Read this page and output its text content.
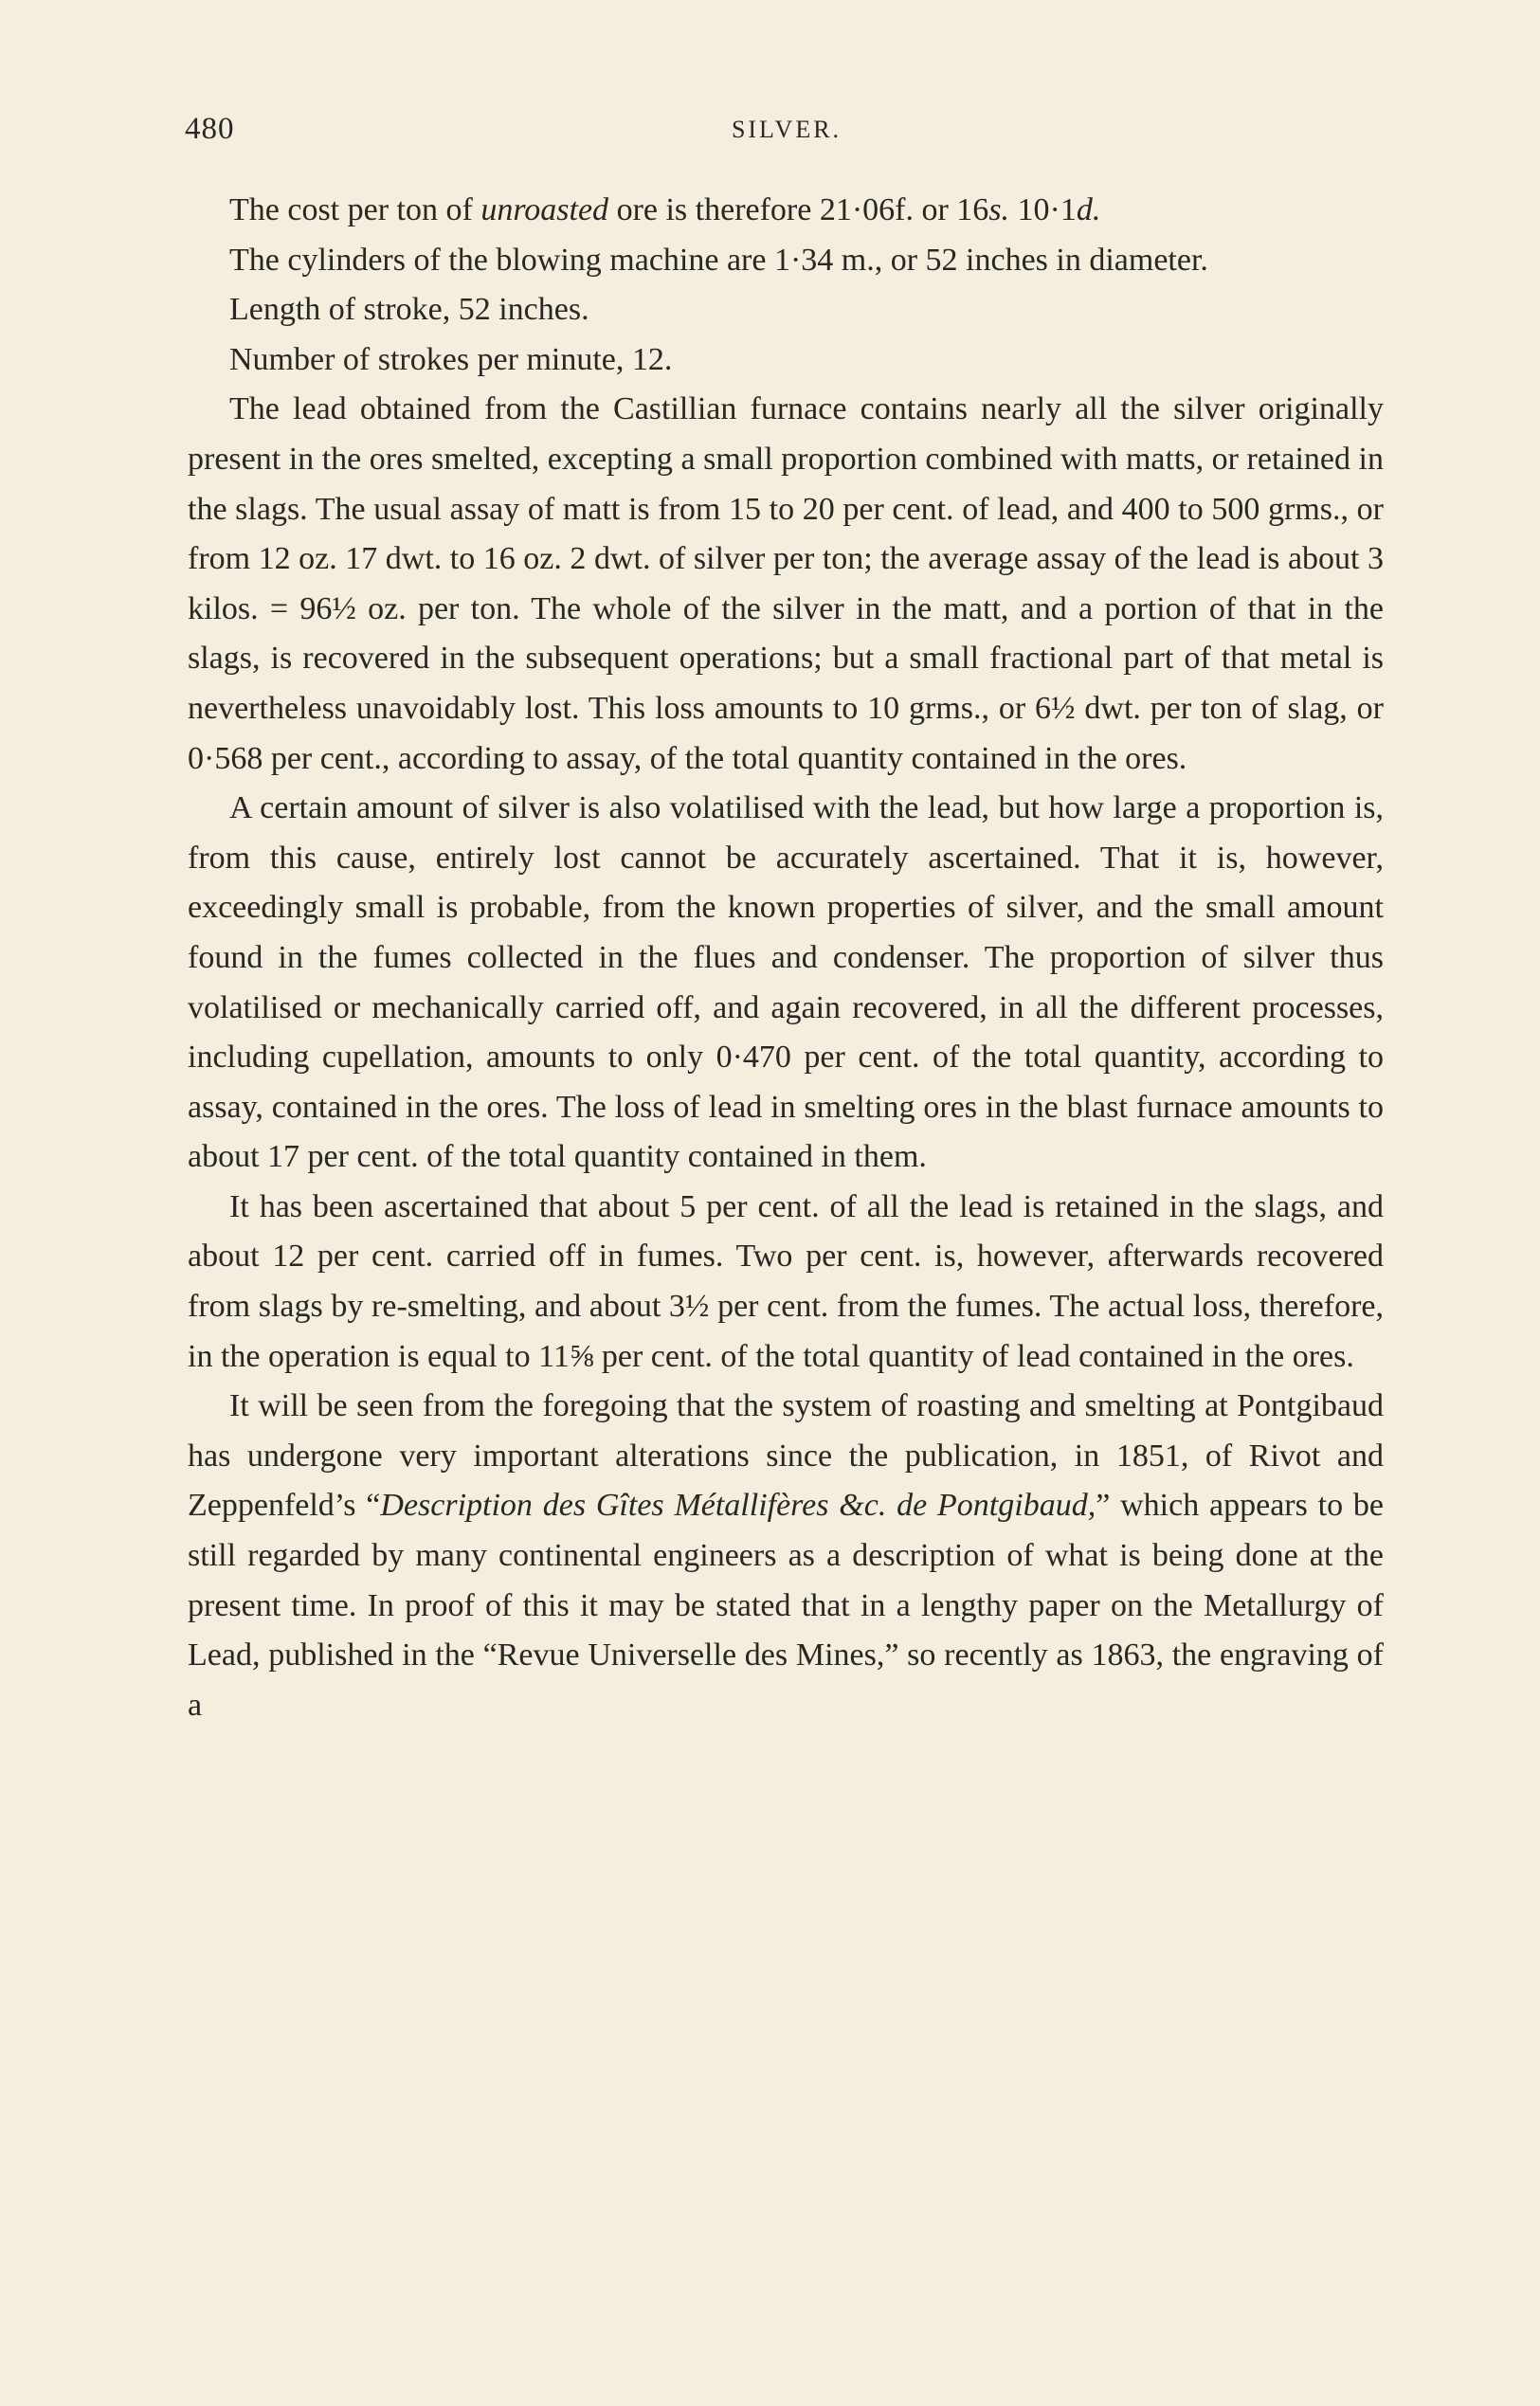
480	SILVER.

The cost per ton of unroasted ore is therefore 21·06f. or 16s. 10·1d.

The cylinders of the blowing machine are 1·34 m., or 52 inches in diameter.

Length of stroke, 52 inches.

Number of strokes per minute, 12.

The lead obtained from the Castillian furnace contains nearly all the silver originally present in the ores smelted, excepting a small proportion combined with matts, or retained in the slags. The usual assay of matt is from 15 to 20 per cent. of lead, and 400 to 500 grms., or from 12 oz. 17 dwt. to 16 oz. 2 dwt. of silver per ton; the average assay of the lead is about 3 kilos. = 96½ oz. per ton. The whole of the silver in the matt, and a portion of that in the slags, is recovered in the subsequent operations; but a small fractional part of that metal is nevertheless unavoidably lost. This loss amounts to 10 grms., or 6½ dwt. per ton of slag, or 0·568 per cent., according to assay, of the total quantity contained in the ores.

A certain amount of silver is also volatilised with the lead, but how large a proportion is, from this cause, entirely lost cannot be accurately ascertained. That it is, however, exceedingly small is probable, from the known properties of silver, and the small amount found in the fumes collected in the flues and condenser. The proportion of silver thus volatilised or mechanically carried off, and again recovered, in all the different processes, including cupellation, amounts to only 0·470 per cent. of the total quantity, according to assay, contained in the ores. The loss of lead in smelting ores in the blast furnace amounts to about 17 per cent. of the total quantity contained in them.

It has been ascertained that about 5 per cent. of all the lead is retained in the slags, and about 12 per cent. carried off in fumes. Two per cent. is, however, afterwards recovered from slags by re-smelting, and about 3½ per cent. from the fumes. The actual loss, therefore, in the operation is equal to 11⅝ per cent. of the total quantity of lead contained in the ores.

It will be seen from the foregoing that the system of roasting and smelting at Pontgibaud has undergone very important alterations since the publication, in 1851, of Rivot and Zeppenfeld’s “Description des Gîtes Métallifères &c. de Pontgibaud,” which appears to be still regarded by many continental engineers as a description of what is being done at the present time. In proof of this it may be stated that in a lengthy paper on the Metallurgy of Lead, published in the “Revue Universelle des Mines,” so recently as 1863, the engraving of a
